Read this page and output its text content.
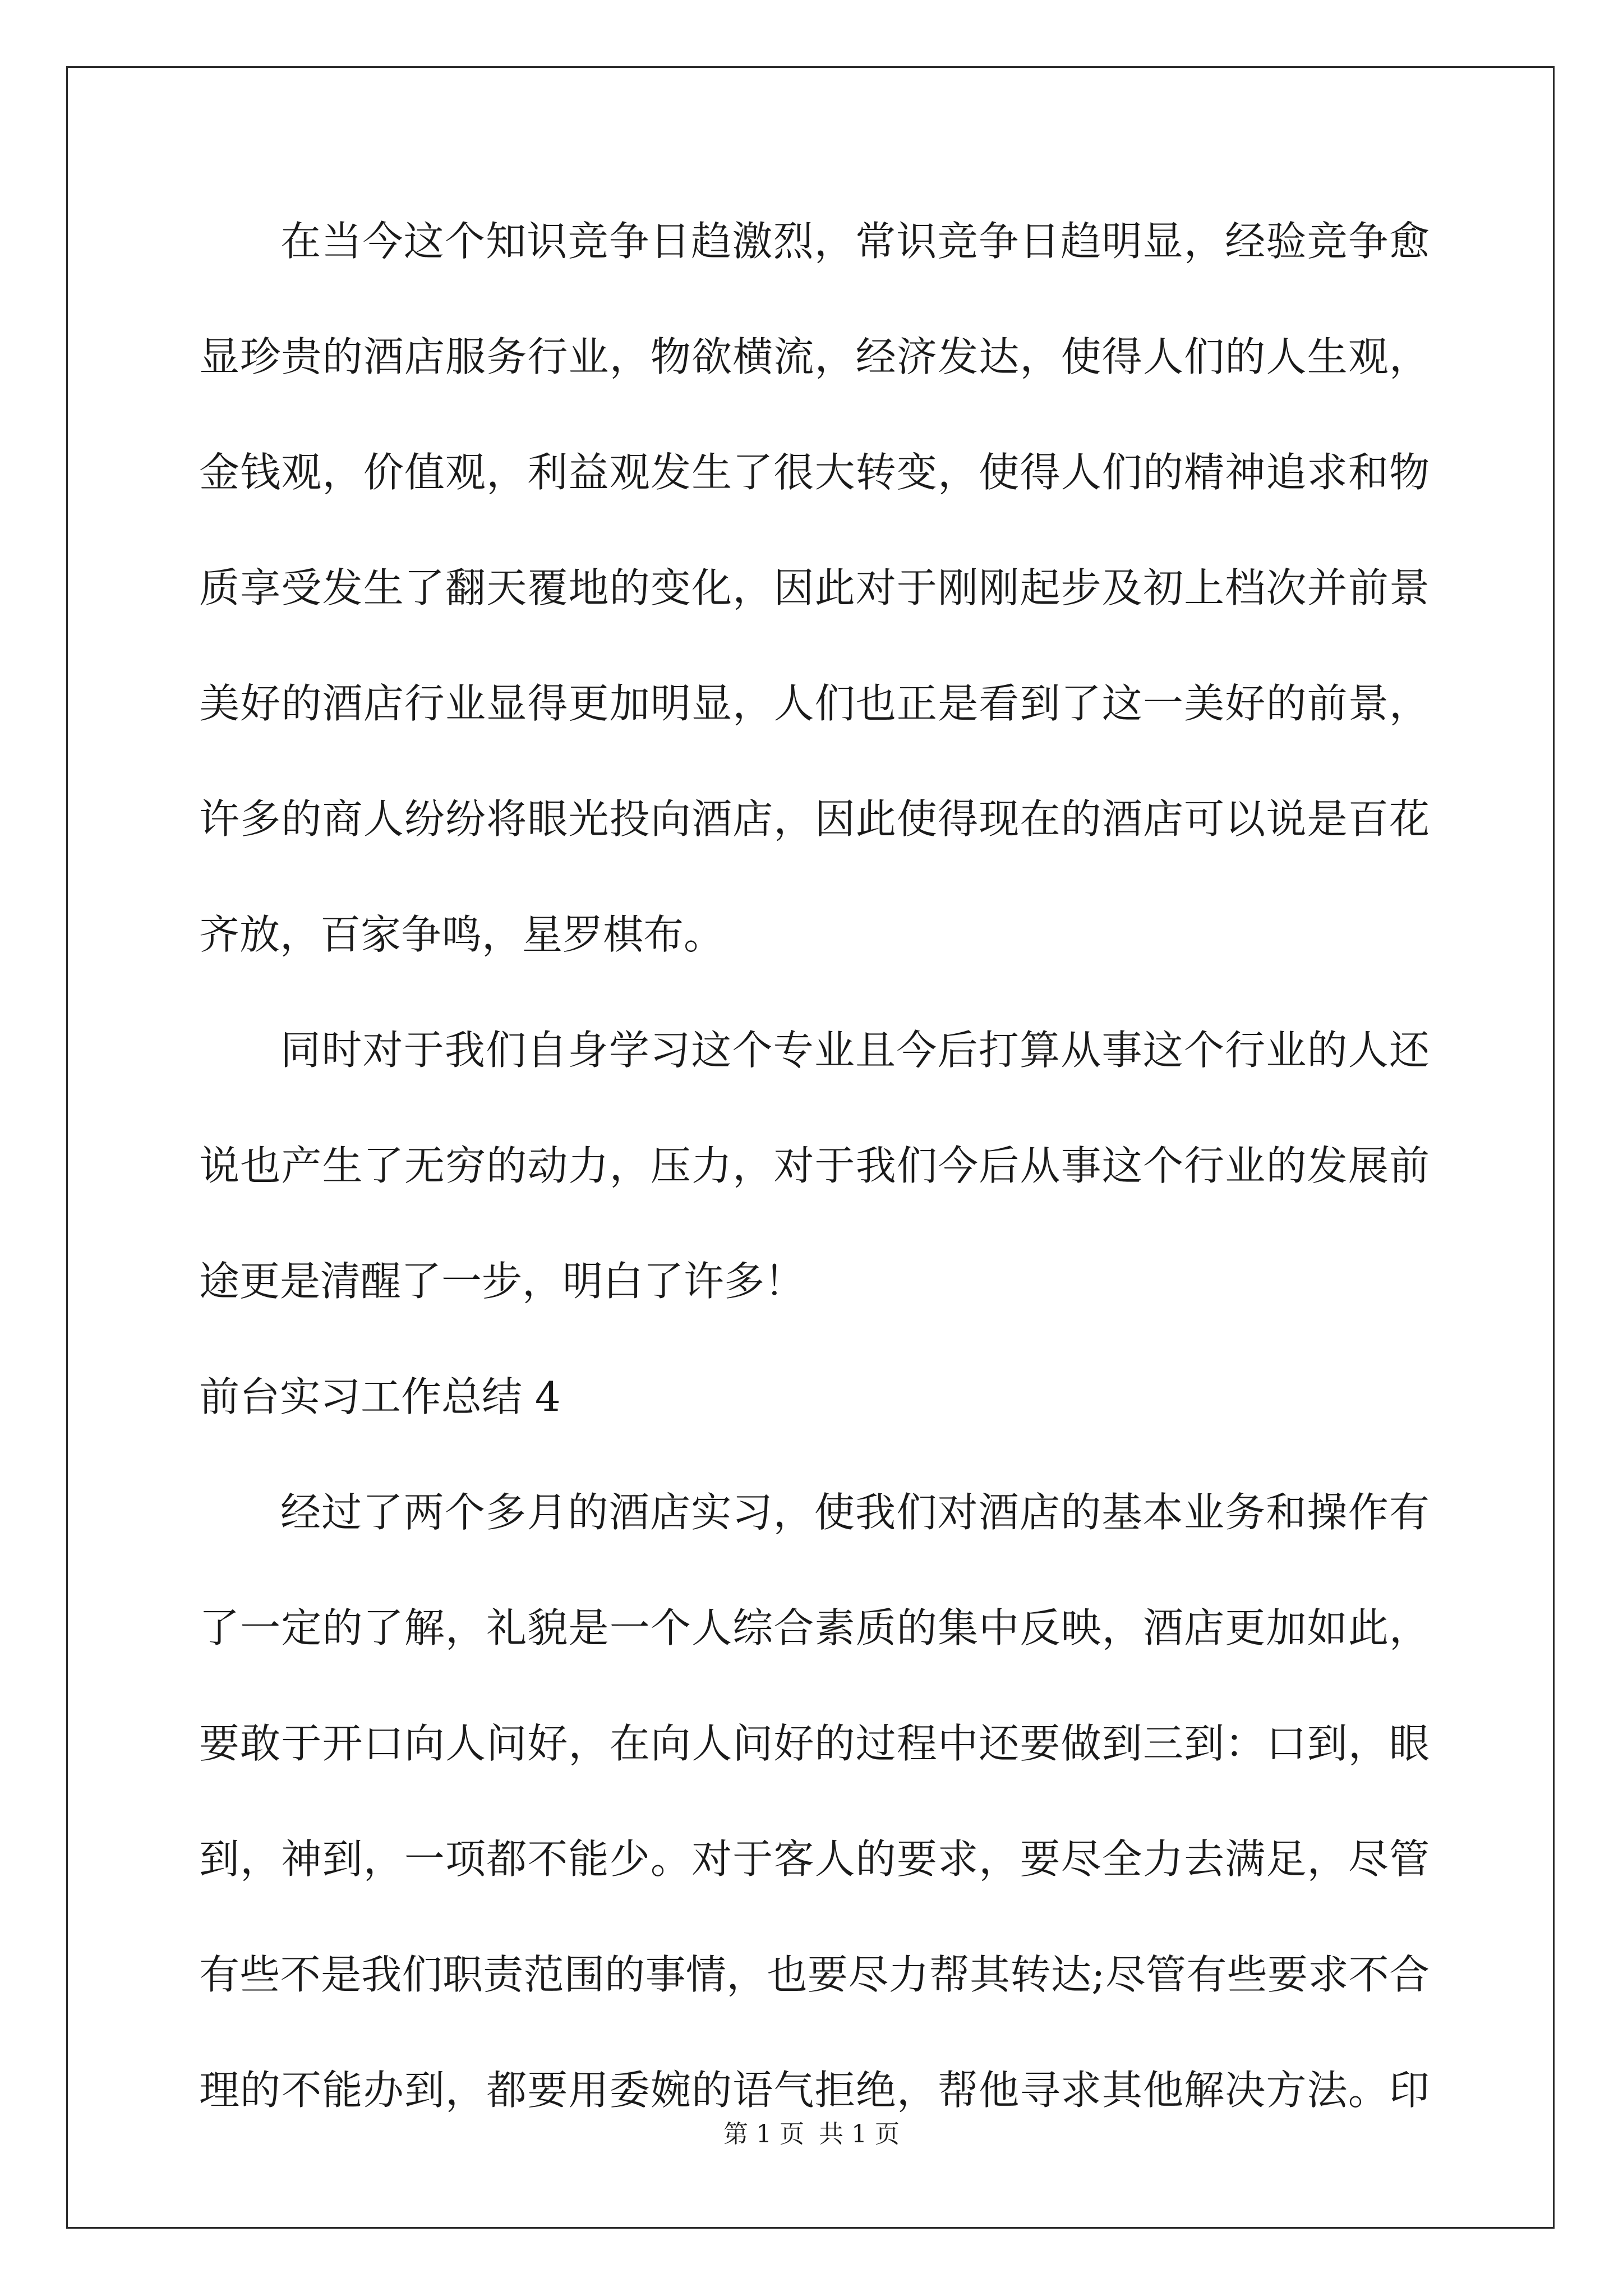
在当今这个知识竞争日趋激烈，常识竞争日趋明显，经验竞争愈
显珍贵的酒店服务行业，物欲横流，经济发达，使得人们的人生观，
金钱观，价值观，利益观发生了很大转变，使得人们的精神追求和物
质享受发生了翻天覆地的变化，因此对于刚刚起步及初上档次并前景
美好的酒店行业显得更加明显，人们也正是看到了这一美好的前景，
许多的商人纷纷将眼光投向酒店，因此使得现在的酒店可以说是百花
齐放，百家争鸣，星罗棋布。
同时对于我们自身学习这个专业且今后打算从事这个行业的人还
说也产生了无穷的动力，压力，对于我们今后从事这个行业的发展前
途更是清醒了一步，明白了许多！
前台实习工作总结 4
经过了两个多月的酒店实习，使我们对酒店的基本业务和操作有
了一定的了解，礼貌是一个人综合素质的集中反映，酒店更加如此，
要敢于开口向人问好，在向人问好的过程中还要做到三到：口到，眼
到，神到，一项都不能少。对于客人的要求，要尽全力去满足，尽管
有些不是我们职责范围的事情，也要尽力帮其转达;尽管有些要求不合
理的不能办到，都要用委婉的语气拒绝，帮他寻求其他解决方法。印
第 1 页 共 1 页
